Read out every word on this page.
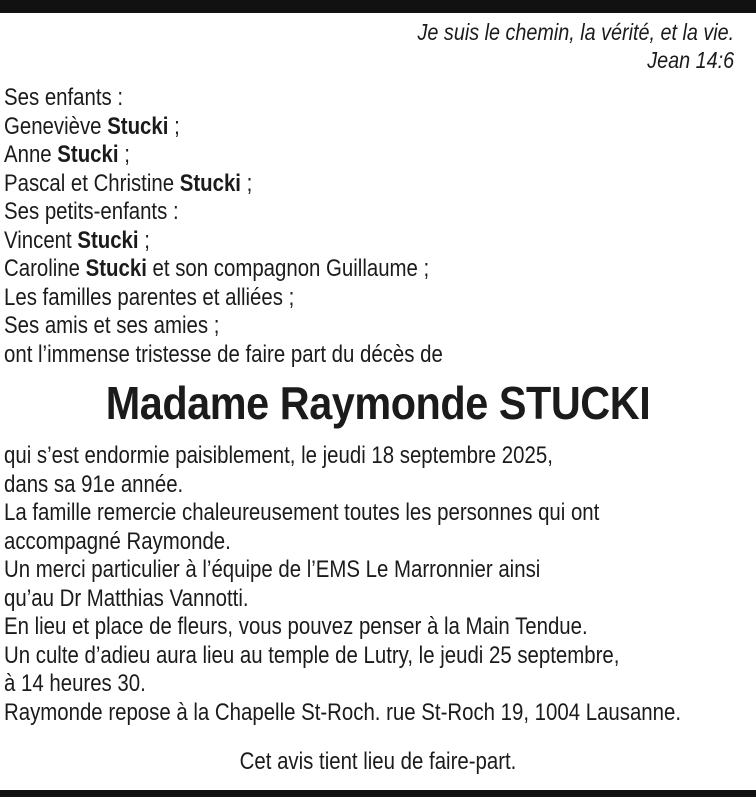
Je suis le chemin, la vérité, et la vie.
Jean 14:6
Ses enfants :
Geneviève Stucki ;
Anne Stucki ;
Pascal et Christine Stucki ;
Ses petits-enfants :
Vincent Stucki ;
Caroline Stucki et son compagnon Guillaume ;
Les familles parentes et alliées ;
Ses amis et ses amies ;
ont l’immense tristesse de faire part du décès de
Madame Raymonde STUCKI
qui s’est endormie paisiblement, le jeudi 18 septembre 2025,
dans sa 91e année.
La famille remercie chaleureusement toutes les personnes qui ont
accompagné Raymonde.
Un merci particulier à l’équipe de l’EMS Le Marronnier ainsi
qu’au Dr Matthias Vannotti.
En lieu et place de fleurs, vous pouvez penser à la Main Tendue.
Un culte d’adieu aura lieu au temple de Lutry, le jeudi 25 septembre,
à 14 heures 30.
Raymonde repose à la Chapelle St-Roch. rue St-Roch 19, 1004 Lausanne.
Cet avis tient lieu de faire-part.
